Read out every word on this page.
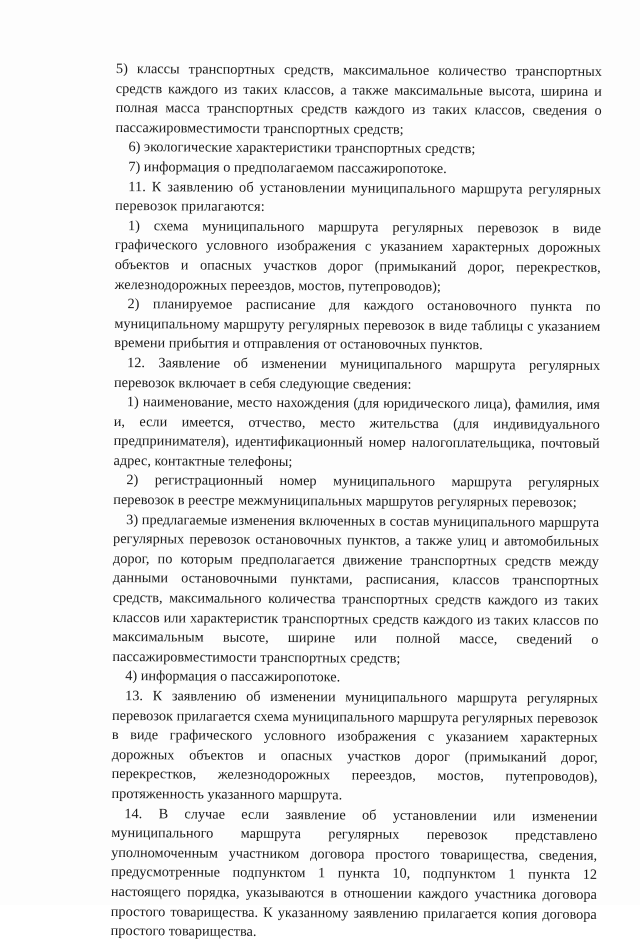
5) классы транспортных средств, максимальное количество транспортных средств каждого из таких классов, а также максимальные высота, ширина и полная масса транспортных средств каждого из таких классов, сведения о пассажировместимости транспортных средств;

6) экологические характеристики транспортных средств;

7) информация о предполагаемом пассажиропотоке.

11. К заявлению об установлении муниципального маршрута регулярных перевозок прилагаются:

1) схема муниципального маршрута регулярных перевозок в виде графического условного изображения с указанием характерных дорожных объектов и опасных участков дорог (примыканий дорог, перекрестков, железнодорожных переездов, мостов, путепроводов);

2) планируемое расписание для каждого остановочного пункта по муниципальному маршруту регулярных перевозок в виде таблицы с указанием времени прибытия и отправления от остановочных пунктов.

12. Заявление об изменении муниципального маршрута регулярных перевозок включает в себя следующие сведения:

1) наименование, место нахождения (для юридического лица), фамилия, имя и, если имеется, отчество, место жительства (для индивидуального предпринимателя), идентификационный номер налогоплательщика, почтовый адрес, контактные телефоны;

2) регистрационный номер муниципального маршрута регулярных перевозок в реестре межмуниципальных маршрутов регулярных перевозок;

3) предлагаемые изменения включенных в состав муниципального маршрута регулярных перевозок остановочных пунктов, а также улиц и автомобильных дорог, по которым предполагается движение транспортных средств между данными остановочными пунктами, расписания, классов транспортных средств, максимального количества транспортных средств каждого из таких классов или характеристик транспортных средств каждого из таких классов по максимальным высоте, ширине или полной массе, сведений о пассажировместимости транспортных средств;

4) информация о пассажиропотоке.

13. К заявлению об изменении муниципального маршрута регулярных перевозок прилагается схема муниципального маршрута регулярных перевозок в виде графического условного изображения с указанием характерных дорожных объектов и опасных участков дорог (примыканий дорог, перекрестков, железнодорожных переездов, мостов, путепроводов), протяженность указанного маршрута.

14. В случае если заявление об установлении или изменении муниципального маршрута регулярных перевозок представлено уполномоченным участником договора простого товарищества, сведения, предусмотренные подпунктом 1 пункта 10, подпунктом 1 пункта 12 настоящего порядка, указываются в отношении каждого участника договора простого товарищества. К указанному заявлению прилагается копия договора простого товарищества.
